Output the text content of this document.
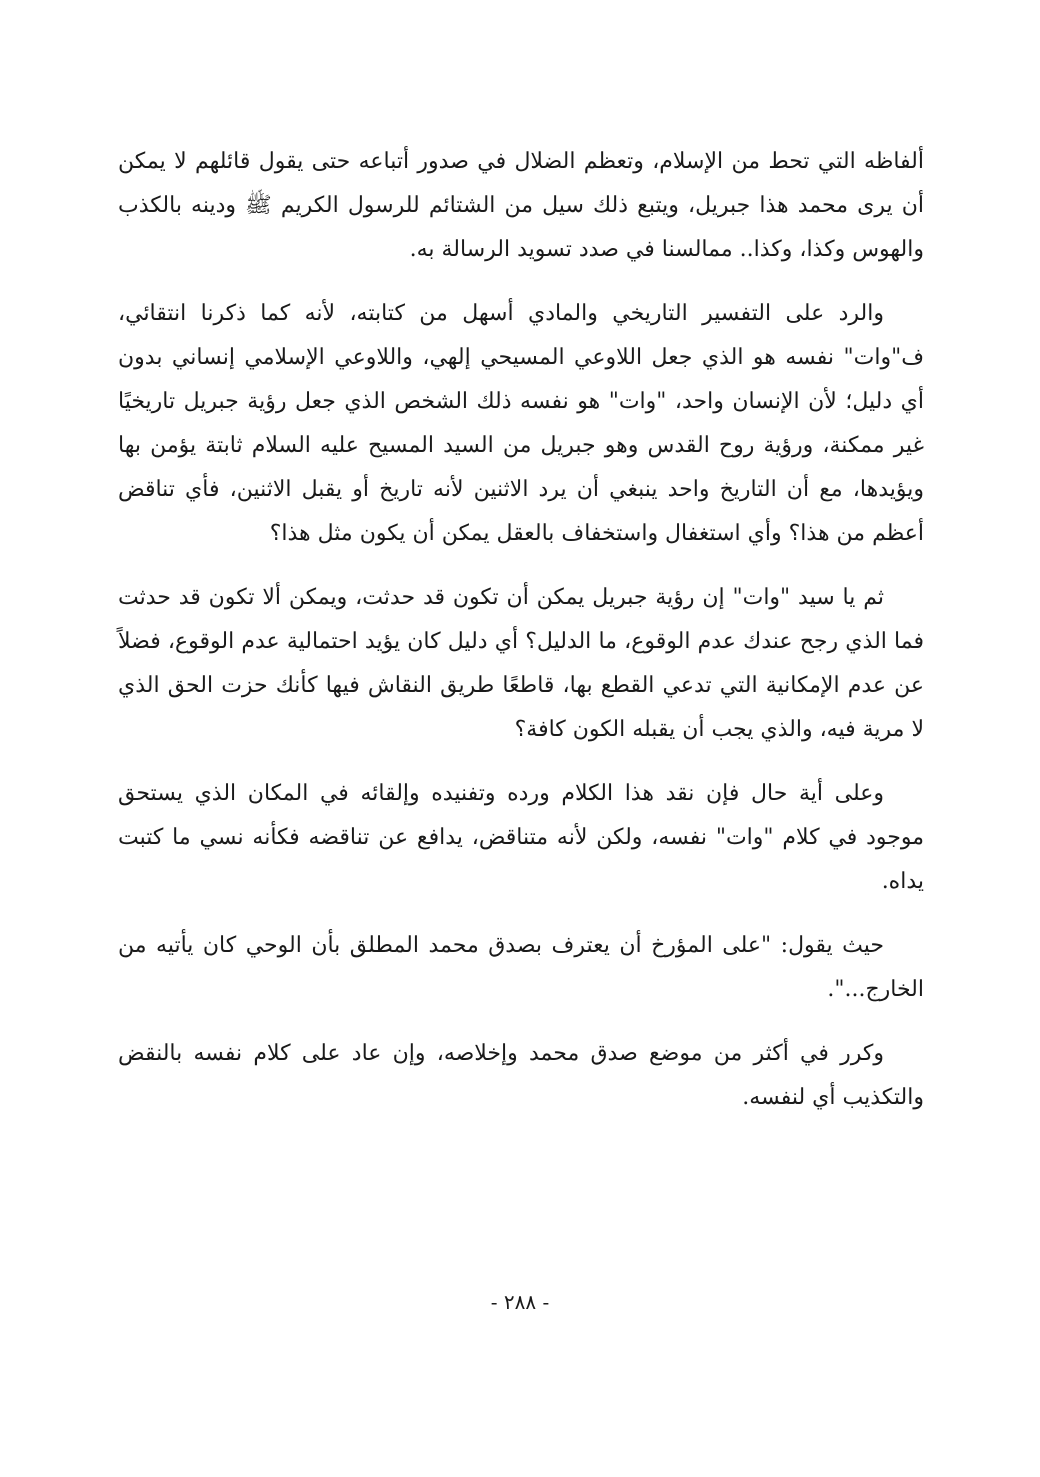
ألفاظه التي تحط من الإسلام، وتعظم الضلال في صدور أتباعه حتى يقول قائلهم لا يمكن أن يرى محمد هذا جبريل، ويتبع ذلك سيل من الشتائم للرسول الكريم ﷺ ودينه بالكذب والهوس وكذا، وكذا.. ممالسنا في صدد تسويد الرسالة به.

والرد على التفسير التاريخي والمادي أسهل من كتابته، لأنه كما ذكرنا انتقائي، ف"وات" نفسه هو الذي جعل اللاوعي المسيحي إلهي، واللاوعي الإسلامي إنساني بدون أي دليل؛ لأن الإنسان واحد، "وات" هو نفسه ذلك الشخص الذي جعل رؤية جبريل تاريخيًا غير ممكنة، ورؤية روح القدس وهو جبريل من السيد المسيح عليه السلام ثابتة يؤمن بها ويؤيدها، مع أن التاريخ واحد ينبغي أن يرد الاثنين لأنه تاريخ أو يقبل الاثنين، فأي تناقض أعظم من هذا؟ وأي استغفال واستخفاف بالعقل يمكن أن يكون مثل هذا؟

ثم يا سيد "وات" إن رؤية جبريل يمكن أن تكون قد حدثت، ويمكن ألا تكون قد حدثت فما الذي رجح عندك عدم الوقوع، ما الدليل؟ أي دليل كان يؤيد احتمالية عدم الوقوع، فضلاً عن عدم الإمكانية التي تدعي القطع بها، قاطعًا طريق النقاش فيها كأنك حزت الحق الذي لا مرية فيه، والذي يجب أن يقبله الكون كافة؟

وعلى أية حال فإن نقد هذا الكلام ورده وتفنيده وإلقائه في المكان الذي يستحق موجود في كلام "وات" نفسه، ولكن لأنه متناقض، يدافع عن تناقضه فكأنه نسي ما كتبت يداه.

حيث يقول: "على المؤرخ أن يعترف بصدق محمد المطلق بأن الوحي كان يأتيه من الخارج...".

وكرر في أكثر من موضع صدق محمد وإخلاصه، وإن عاد على كلام نفسه بالنقض والتكذيب أي لنفسه.

- ٢٨٨ -
